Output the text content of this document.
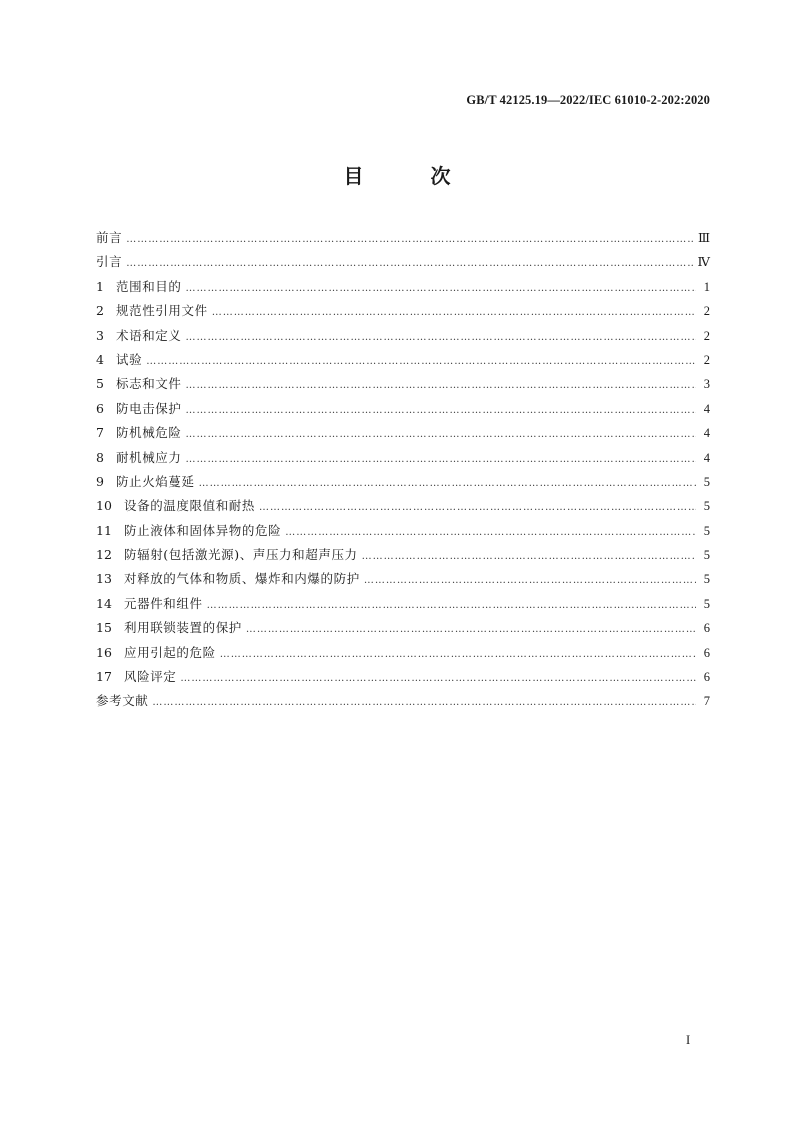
GB/T 42125.19—2022/IEC 61010-2-202:2020
目 次
前言 ……………………………………………………………………………………………………………………………………………………………………………………………………………………………………………	Ⅲ
引言 ……………………………………………………………………………………………………………………………………………………………………………………………………………………………………………	Ⅳ
1 范围和目的 ……………………………………………………………………………………………………………………………………………………………………………………………………………………………………………	1
2 规范性引用文件 ……………………………………………………………………………………………………………………………………………………………………………………………………………………………………………	2
3 术语和定义 ……………………………………………………………………………………………………………………………………………………………………………………………………………………………………………	2
4 试验 ……………………………………………………………………………………………………………………………………………………………………………………………………………………………………………	2
5 标志和文件 ……………………………………………………………………………………………………………………………………………………………………………………………………………………………………………	3
6 防电击保护 ……………………………………………………………………………………………………………………………………………………………………………………………………………………………………………	4
7 防机械危险 ……………………………………………………………………………………………………………………………………………………………………………………………………………………………………………	4
8 耐机械应力 ……………………………………………………………………………………………………………………………………………………………………………………………………………………………………………	4
9 防止火焰蔓延 ……………………………………………………………………………………………………………………………………………………………………………………………………………………………………………	5
10 设备的温度限值和耐热 ……………………………………………………………………………………………………………………………………………………………………………………………………………………………………………	5
11 防止液体和固体异物的危险 ……………………………………………………………………………………………………………………………………………………………………………………………………………………………………………	5
12 防辐射(包括激光源)、声压力和超声压力 ……………………………………………………………………………………………………………………………………………………………………………………………………………………………………………	5
13 对释放的气体和物质、爆炸和内爆的防护 ……………………………………………………………………………………………………………………………………………………………………………………………………………………………………………	5
14 元器件和组件 ……………………………………………………………………………………………………………………………………………………………………………………………………………………………………………	5
15 利用联锁装置的保护 ……………………………………………………………………………………………………………………………………………………………………………………………………………………………………………	6
16 应用引起的危险 ……………………………………………………………………………………………………………………………………………………………………………………………………………………………………………	6
17 风险评定 ……………………………………………………………………………………………………………………………………………………………………………………………………………………………………………	6
参考文献 ……………………………………………………………………………………………………………………………………………………………………………………………………………………………………………	7
I
